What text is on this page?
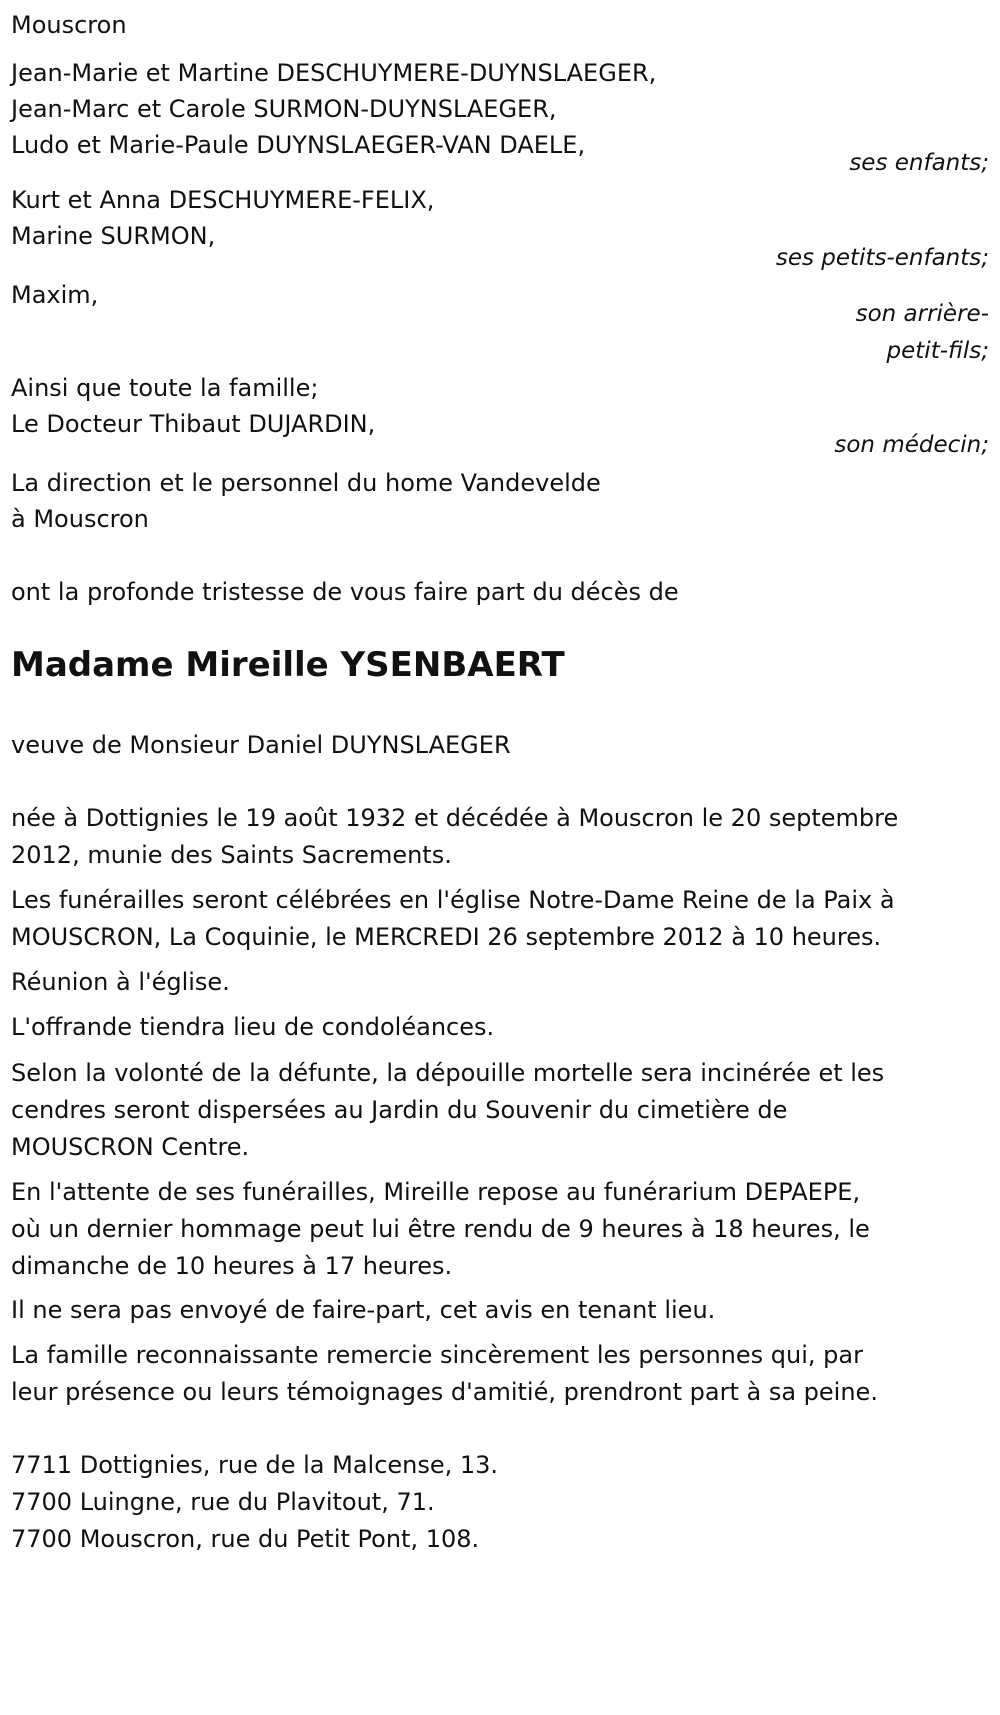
Mouscron
Jean-Marie et Martine DESCHUYMERE-DUYNSLAEGER,
Jean-Marc et Carole SURMON-DUYNSLAEGER,
Ludo et Marie-Paule DUYNSLAEGER-VAN DAELE,
ses enfants;
Kurt et Anna DESCHUYMERE-FELIX,
Marine SURMON,
ses petits-enfants;
Maxim,
son arrière-
petit-fils;
Ainsi que toute la famille;
Le Docteur Thibaut DUJARDIN,
son médecin;
La direction et le personnel du home Vandevelde
à Mouscron
ont la profonde tristesse de vous faire part du décès de
Madame Mireille YSENBAERT
veuve de Monsieur Daniel DUYNSLAEGER
née à Dottignies le 19 août 1932 et décédée à Mouscron le 20 septembre
2012, munie des Saints Sacrements.
Les funérailles seront célébrées en l'église Notre-Dame Reine de la Paix à
MOUSCRON, La Coquinie, le MERCREDI 26 septembre 2012 à 10 heures.
Réunion à l'église.
L'offrande tiendra lieu de condoléances.
Selon la volonté de la défunte, la dépouille mortelle sera incinérée et les
cendres seront dispersées au Jardin du Souvenir du cimetière de
MOUSCRON Centre.
En l'attente de ses funérailles, Mireille repose au funérarium DEPAEPE,
où un dernier hommage peut lui être rendu de 9 heures à 18 heures, le
dimanche de 10 heures à 17 heures.
Il ne sera pas envoyé de faire-part, cet avis en tenant lieu.
La famille reconnaissante remercie sincèrement les personnes qui, par
leur présence ou leurs témoignages d'amitié, prendront part à sa peine.
7711 Dottignies, rue de la Malcense, 13.
7700 Luingne, rue du Plavitout, 71.
7700 Mouscron, rue du Petit Pont, 108.
